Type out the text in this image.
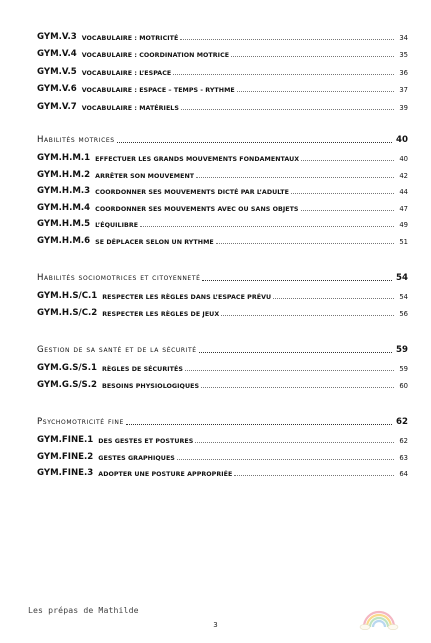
GYM.V.3 VOCABULAIRE : MOTRICITÉ	34
GYM.V.4 VOCABULAIRE : COORDINATION MOTRICE	35
GYM.V.5 VOCABULAIRE : L’ESPACE	36
GYM.V.6 VOCABULAIRE : ESPACE – TEMPS - RYTHME	37
GYM.V.7 VOCABULAIRE : MATÉRIELS	39
Habilités motrices	40
GYM.H.M.1 EFFECTUER LES GRANDS MOUVEMENTS FONDAMENTAUX	40
GYM.H.M.2 ARRÊTER SON MOUVEMENT	42
GYM.H.M.3 COORDONNER SES MOUVEMENTS DICTÉ PAR L’ADULTE	44
GYM.H.M.4 COORDONNER SES MOUVEMENTS AVEC OU SANS OBJETS	47
GYM.H.M.5 L’ÉQUILIBRE	49
GYM.H.M.6 SE DÉPLACER SELON UN RYTHME	51
Habilités sociomotrices et citoyenneté	54
GYM.H.S/C.1 RESPECTER LES RÈGLES DANS L’ESPACE PRÉVU	54
GYM.H.S/C.2 RESPECTER LES RÈGLES DE JEUX	56
Gestion de sa santé et de la sécurité	59
GYM.G.S/S.1 RÈGLES DE SÉCURITÉS	59
GYM.G.S/S.2 BESOINS PHYSIOLOGIQUES	60
Psychomotricité fine	62
GYM.FINE.1 DES GESTES ET POSTURES	62
GYM.FINE.2 GESTES GRAPHIQUES	63
GYM.FINE.3 ADOPTER UNE POSTURE APPROPRIÉE	64
Les prépas de Mathilde
3
